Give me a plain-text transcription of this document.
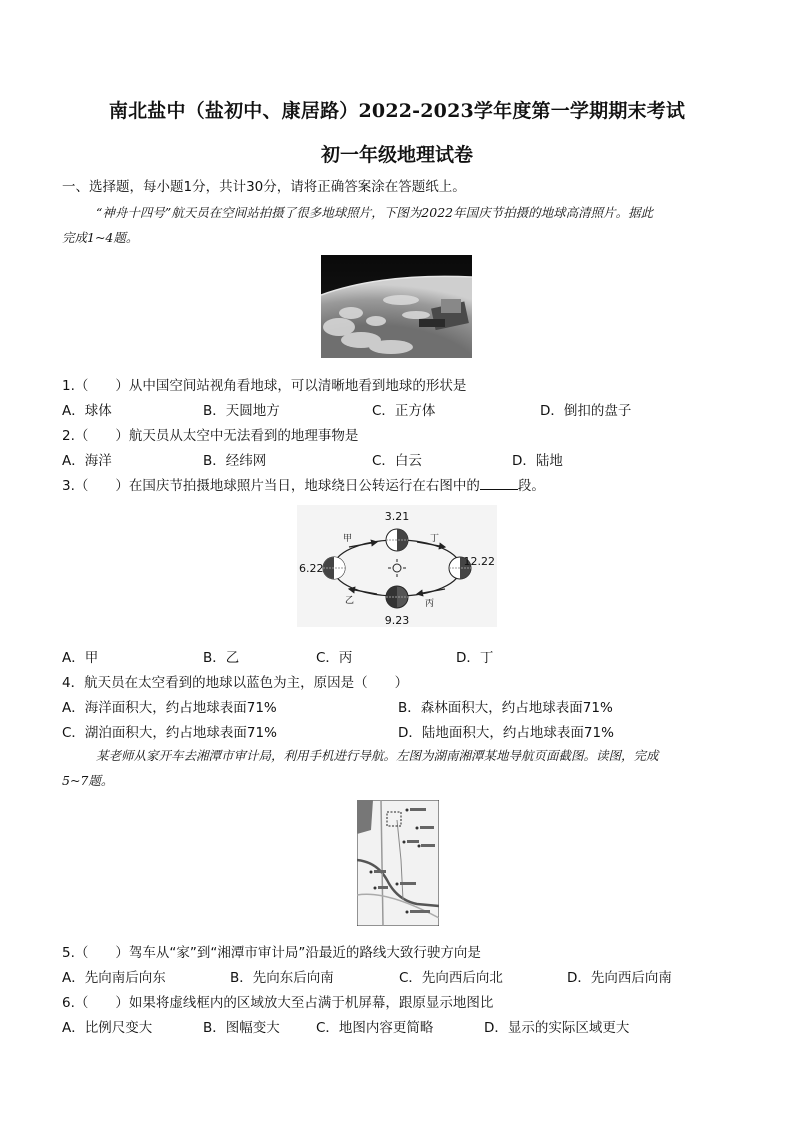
南北盐中（盐初中、康居路）2022-2023学年度第一学期期末考试
初一年级地理试卷
一、选择题，每小题1分，共计30分，请将正确答案涂在答题纸上。
“神舟十四号”航天员在空间站拍摄了很多地球照片，下图为2022年国庆节拍摄的地球高清照片。据此
完成1~4题。
1.（　　）从中国空间站视角看地球，可以清晰地看到地球的形状是
A．球体	B．天圆地方	C．正方体	D．倒扣的盘子
2.（　　）航天员从太空中无法看到的地理事物是
A．海洋	B．经纬网	C．白云	D．陆地
3.（　　）在国庆节拍摄地球照片当日，地球绕日公转运行在右图中的	段。
3.21
6.22
12.22
9.23
甲
乙	丙
丁
A．甲	B．乙	C．丙	D．丁
4．航天员在太空看到的地球以蓝色为主，原因是（　　）
A．海洋面积大，约占地球表面71%	B．森林面积大，约占地球表面71%
C．湖泊面积大，约占地球表面71%	D．陆地面积大，约占地球表面71%
某老师从家开车去湘潭市审计局，利用手机进行导航。左图为湖南湘潭某地导航页面截图。读图，完成
5~7题。
5.（　　）驾车从“家”到“湘潭市审计局”沿最近的路线大致行驶方向是
A．先向南后向东	B．先向东后向南	C．先向西后向北	D．先向西后向南
6.（　　）如果将虚线框内的区域放大至占满于机屏幕，跟原显示地图比
A．比例尺变大	B．图幅变大	C．地图内容更简略	D．显示的实际区域更大
